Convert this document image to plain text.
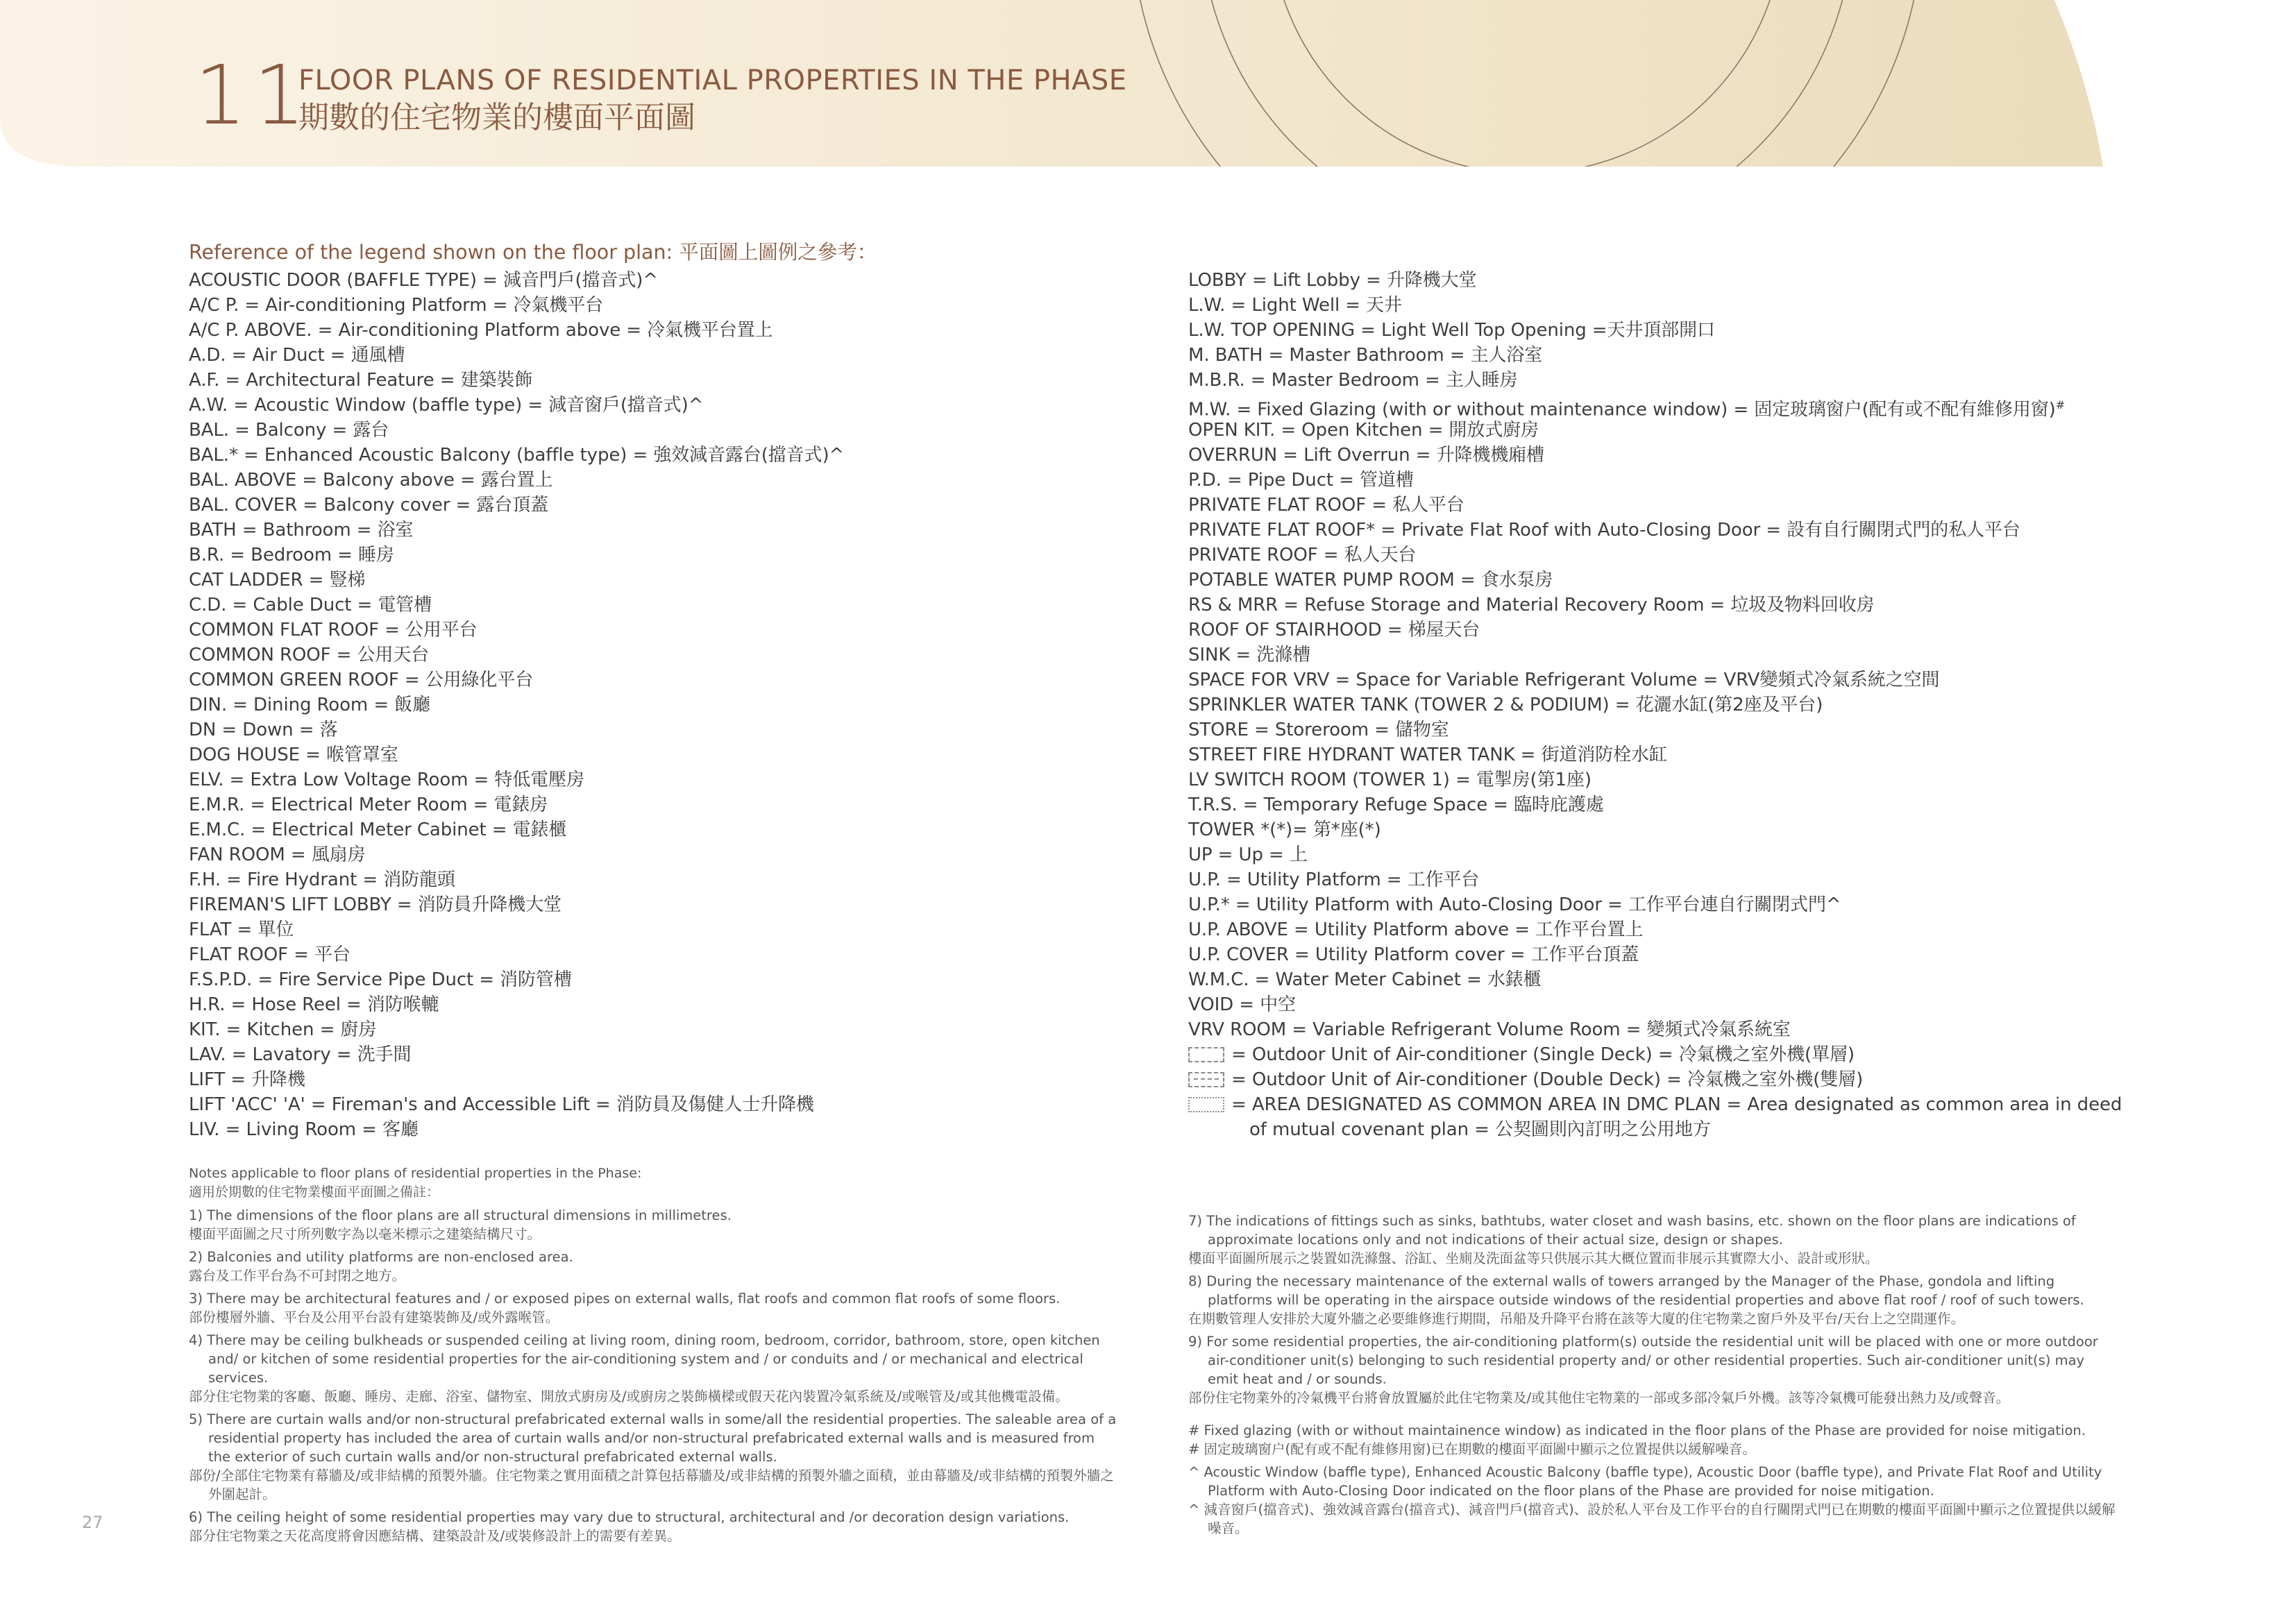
11
FLOOR PLANS OF RESIDENTIAL PROPERTIES IN THE PHASE
期數的住宅物業的樓面平面圖
Reference of the legend shown on the floor plan: 平面圖上圖例之參考：
ACOUSTIC DOOR (BAFFLE TYPE) = 減音門戶(擋音式)^
A/C P. = Air-conditioning Platform = 冷氣機平台
A/C P. ABOVE. = Air-conditioning Platform above = 冷氣機平台置上
A.D. = Air Duct = 通風槽
A.F. = Architectural Feature = 建築裝飾
A.W. = Acoustic Window (baffle type) = 減音窗戶(擋音式)^
BAL. = Balcony = 露台
BAL.* = Enhanced Acoustic Balcony (baffle type) = 強效減音露台(擋音式)^
BAL. ABOVE = Balcony above = 露台置上
BAL. COVER = Balcony cover = 露台頂蓋
BATH = Bathroom = 浴室
B.R. = Bedroom = 睡房
CAT LADDER = 豎梯
C.D. = Cable Duct = 電管槽
COMMON FLAT ROOF = 公用平台
COMMON ROOF = 公用天台
COMMON GREEN ROOF = 公用綠化平台
DIN. = Dining Room = 飯廳
DN = Down = 落
DOG HOUSE = 喉管罩室
ELV. = Extra Low Voltage Room = 特低電壓房
E.M.R. = Electrical Meter Room = 電錶房
E.M.C. = Electrical Meter Cabinet = 電錶櫃
FAN ROOM = 風扇房
F.H. = Fire Hydrant = 消防龍頭
FIREMAN'S LIFT LOBBY = 消防員升降機大堂
FLAT = 單位
FLAT ROOF = 平台
F.S.P.D. = Fire Service Pipe Duct = 消防管槽
H.R. = Hose Reel = 消防喉轆
KIT. = Kitchen = 廚房
LAV. = Lavatory = 洗手間
LIFT = 升降機
LIFT 'ACC' 'A' = Fireman's and Accessible Lift = 消防員及傷健人士升降機
LIV. = Living Room = 客廳
LOBBY = Lift Lobby = 升降機大堂
L.W. = Light Well = 天井
L.W. TOP OPENING = Light Well Top Opening =天井頂部開口
M. BATH = Master Bathroom = 主人浴室
M.B.R. = Master Bedroom = 主人睡房
M.W. = Fixed Glazing (with or without maintenance window) = 固定玻璃窗户(配有或不配有維修用窗)#
OPEN KIT. = Open Kitchen = 開放式廚房
OVERRUN = Lift Overrun = 升降機機廂槽
P.D. = Pipe Duct = 管道槽
PRIVATE FLAT ROOF = 私人平台
PRIVATE FLAT ROOF* = Private Flat Roof with Auto-Closing Door = 設有自行關閉式門的私人平台
PRIVATE ROOF = 私人天台
POTABLE WATER PUMP ROOM = 食水泵房
RS & MRR = Refuse Storage and Material Recovery Room = 垃圾及物料回收房
ROOF OF STAIRHOOD = 梯屋天台
SINK = 洗滌槽
SPACE FOR VRV = Space for Variable Refrigerant Volume = VRV變頻式冷氣系統之空間
SPRINKLER WATER TANK (TOWER 2 & PODIUM) = 花灑水缸(第2座及平台)
STORE = Storeroom = 儲物室
STREET FIRE HYDRANT WATER TANK = 街道消防栓水缸
LV SWITCH ROOM (TOWER 1) = 電掣房(第1座)
T.R.S. = Temporary Refuge Space = 臨時庇護處
TOWER *(*)= 第*座(*)
UP = Up = 上
U.P. = Utility Platform = 工作平台
U.P.* = Utility Platform with Auto-Closing Door = 工作平台連自行關閉式門^
U.P. ABOVE = Utility Platform above = 工作平台置上
U.P. COVER = Utility Platform cover = 工作平台頂蓋
W.M.C. = Water Meter Cabinet = 水錶櫃
VOID = 中空
VRV ROOM = Variable Refrigerant Volume Room = 變頻式冷氣系統室
= Outdoor Unit of Air-conditioner (Single Deck) = 冷氣機之室外機(單層)
= Outdoor Unit of Air-conditioner (Double Deck) = 冷氣機之室外機(雙層)
= AREA DESIGNATED AS COMMON AREA IN DMC PLAN = Area designated as common area in deed
of mutual covenant plan = 公契圖則內訂明之公用地方
Notes applicable to floor plans of residential properties in the Phase:
適用於期數的住宅物業樓面平面圖之備註：
1) The dimensions of the floor plans are all structural dimensions in millimetres.
樓面平面圖之尺寸所列數字為以毫米標示之建築結構尺寸。
2) Balconies and utility platforms are non-enclosed area.
露台及工作平台為不可封閉之地方。
3) There may be architectural features and / or exposed pipes on external walls, flat roofs and common flat roofs of some floors.
部份樓層外牆、平台及公用平台設有建築裝飾及/或外露喉管。
4) There may be ceiling bulkheads or suspended ceiling at living room, dining room, bedroom, corridor, bathroom, store, open kitchen and/ or kitchen of some residential properties for the air-conditioning system and / or conduits and / or mechanical and electrical services.
部分住宅物業的客廳、飯廳、睡房、走廊、浴室、儲物室、開放式廚房及/或廚房之裝飾橫樑或假天花內裝置冷氣系統及/或喉管及/或其他機電設備。
5) There are curtain walls and/or non-structural prefabricated external walls in some/all the residential properties. The saleable area of a residential property has included the area of curtain walls and/or non-structural prefabricated external walls and is measured from the exterior of such curtain walls and/or non-structural prefabricated external walls.
部份/全部住宅物業有幕牆及/或非結構的預製外牆。住宅物業之實用面積之計算包括幕牆及/或非結構的預製外牆之面積，並由幕牆及/或非結構的預製外牆之外圍起計。
6) The ceiling height of some residential properties may vary due to structural, architectural and /or decoration design variations.
部分住宅物業之天花高度將會因應結構、建築設計及/或裝修設計上的需要有差異。
7) The indications of fittings such as sinks, bathtubs, water closet and wash basins, etc. shown on the floor plans are indications of approximate locations only and not indications of their actual size, design or shapes.
樓面平面圖所展示之裝置如洗滌盤、浴缸、坐廁及洗面盆等只供展示其大概位置而非展示其實際大小、設計或形狀。
8) During the necessary maintenance of the external walls of towers arranged by the Manager of the Phase, gondola and lifting platforms will be operating in the airspace outside windows of the residential properties and above flat roof / roof of such towers.
在期數管理人安排於大廈外牆之必要維修進行期間，吊船及升降平台將在該等大廈的住宅物業之窗戶外及平台/天台上之空間運作。
9) For some residential properties, the air-conditioning platform(s) outside the residential unit will be placed with one or more outdoor air-conditioner unit(s) belonging to such residential property and/ or other residential properties. Such air-conditioner unit(s) may emit heat and / or sounds.
部份住宅物業外的冷氣機平台將會放置屬於此住宅物業及/或其他住宅物業的一部或多部冷氣戶外機。該等冷氣機可能發出熱力及/或聲音。
# Fixed glazing (with or without maintainence window) as indicated in the floor plans of the Phase are provided for noise mitigation.
# 固定玻璃窗户(配有或不配有維修用窗)已在期數的樓面平面圖中顯示之位置提供以緩解噪音。
^ Acoustic Window (baffle type), Enhanced Acoustic Balcony (baffle type), Acoustic Door (baffle type), and Private Flat Roof and Utility Platform with Auto-Closing Door indicated on the floor plans of the Phase are provided for noise mitigation.
^ 減音窗戶(擋音式)、強效減音露台(擋音式)、減音門戶(擋音式)、設於私人平台及工作平台的自行關閉式門已在期數的樓面平面圖中顯示之位置提供以緩解噪音。
27
